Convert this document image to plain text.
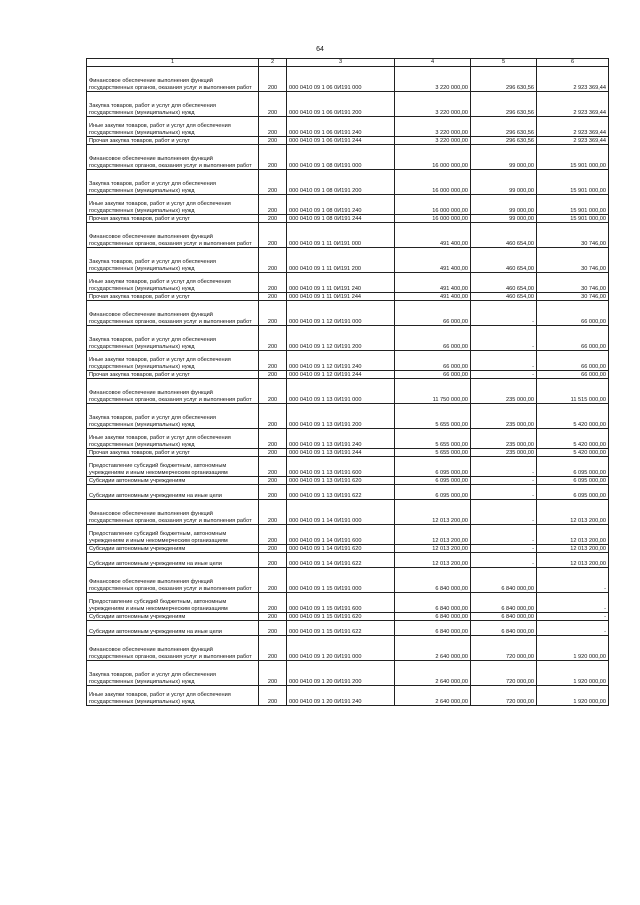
64
1	2	3	4	5	6
Финансовое обеспечение выполнения функций государственных органов, оказания услуг и выполнения работ	200	000 0410 09 1 06 0И191 000	3 220 000,00	296 630,56	2 923 369,44
Закупка товаров, работ и услуг для обеспечения государственных (муниципальных) нужд	200	000 0410 09 1 06 0И191 200	3 220 000,00	296 630,56	2 923 369,44
Иные закупки товаров, работ и услуг для обеспечения государственных (муниципальных) нужд	200	000 0410 09 1 06 0И191 240	3 220 000,00	296 630,56	2 923 369,44
Прочая закупка товаров, работ и услуг	200	000 0410 09 1 06 0И191 244	3 220 000,00	296 630,56	2 923 369,44
Финансовое обеспечение выполнения функций государственных органов, оказания услуг и выполнения работ	200	000 0410 09 1 08 0И191 000	16 000 000,00	99 000,00	15 901 000,00
Закупка товаров, работ и услуг для обеспечения государственных (муниципальных) нужд	200	000 0410 09 1 08 0И191 200	16 000 000,00	99 000,00	15 901 000,00
Иные закупки товаров, работ и услуг для обеспечения государственных (муниципальных) нужд	200	000 0410 09 1 08 0И191 240	16 000 000,00	99 000,00	15 901 000,00
Прочая закупка товаров, работ и услуг	200	000 0410 09 1 08 0И191 244	16 000 000,00	99 000,00	15 901 000,00
Финансовое обеспечение выполнения функций государственных органов, оказания услуг и выполнения работ	200	000 0410 09 1 11 0И191 000	491 400,00	460 654,00	30 746,00
Закупка товаров, работ и услуг для обеспечения государственных (муниципальных) нужд	200	000 0410 09 1 11 0И191 200	491 400,00	460 654,00	30 746,00
Иные закупки товаров, работ и услуг для обеспечения государственных (муниципальных) нужд	200	000 0410 09 1 11 0И191 240	491 400,00	460 654,00	30 746,00
Прочая закупка товаров, работ и услуг	200	000 0410 09 1 11 0И191 244	491 400,00	460 654,00	30 746,00
Финансовое обеспечение выполнения функций государственных органов, оказания услуг и выполнения работ	200	000 0410 09 1 12 0И191 000	66 000,00	-	66 000,00
Закупка товаров, работ и услуг для обеспечения государственных (муниципальных) нужд	200	000 0410 09 1 12 0И191 200	66 000,00	-	66 000,00
Иные закупки товаров, работ и услуг для обеспечения государственных (муниципальных) нужд	200	000 0410 09 1 12 0И191 240	66 000,00	-	66 000,00
Прочая закупка товаров, работ и услуг	200	000 0410 09 1 12 0И191 244	66 000,00	-	66 000,00
Финансовое обеспечение выполнения функций государственных органов, оказания услуг и выполнения работ	200	000 0410 09 1 13 0И191 000	11 750 000,00	235 000,00	11 515 000,00
Закупка товаров, работ и услуг для обеспечения государственных (муниципальных) нужд	200	000 0410 09 1 13 0И191 200	5 655 000,00	235 000,00	5 420 000,00
Иные закупки товаров, работ и услуг для обеспечения государственных (муниципальных) нужд	200	000 0410 09 1 13 0И191 240	5 655 000,00	235 000,00	5 420 000,00
Прочая закупка товаров, работ и услуг	200	000 0410 09 1 13 0И191 244	5 655 000,00	235 000,00	5 420 000,00
Предоставление субсидий бюджетным, автономным учреждениям и иным некоммерческим организациям	200	000 0410 09 1 13 0И191 600	6 095 000,00	-	6 095 000,00
Субсидии автономным учреждениям	200	000 0410 09 1 13 0И191 620	6 095 000,00	-	6 095 000,00
Субсидии автономным учреждениям на иные цели	200	000 0410 09 1 13 0И191 622	6 095 000,00	-	6 095 000,00
Финансовое обеспечение выполнения функций государственных органов, оказания услуг и выполнения работ	200	000 0410 09 1 14 0И191 000	12 013 200,00	-	12 013 200,00
Предоставление субсидий бюджетным, автономным учреждениям и иным некоммерческим организациям	200	000 0410 09 1 14 0И191 600	12 013 200,00	-	12 013 200,00
Субсидии автономным учреждениям	200	000 0410 09 1 14 0И191 620	12 013 200,00	-	12 013 200,00
Субсидии автономным учреждениям на иные цели	200	000 0410 09 1 14 0И191 622	12 013 200,00	-	12 013 200,00
Финансовое обеспечение выполнения функций государственных органов, оказания услуг и выполнения работ	200	000 0410 09 1 15 0И191 000	6 840 000,00	6 840 000,00	-
Предоставление субсидий бюджетным, автономным учреждениям и иным некоммерческим организациям	200	000 0410 09 1 15 0И191 600	6 840 000,00	6 840 000,00	-
Субсидии автономным учреждениям	200	000 0410 09 1 15 0И191 620	6 840 000,00	6 840 000,00	-
Субсидии автономным учреждениям на иные цели	200	000 0410 09 1 15 0И191 622	6 840 000,00	6 840 000,00	-
Финансовое обеспечение выполнения функций государственных органов, оказания услуг и выполнения работ	200	000 0410 09 1 20 0И191 000	2 640 000,00	720 000,00	1 920 000,00
Закупка товаров, работ и услуг для обеспечения государственных (муниципальных) нужд	200	000 0410 09 1 20 0И191 200	2 640 000,00	720 000,00	1 920 000,00
Иные закупки товаров, работ и услуг для обеспечения государственных (муниципальных) нужд	200	000 0410 09 1 20 0И191 240	2 640 000,00	720 000,00	1 920 000,00
